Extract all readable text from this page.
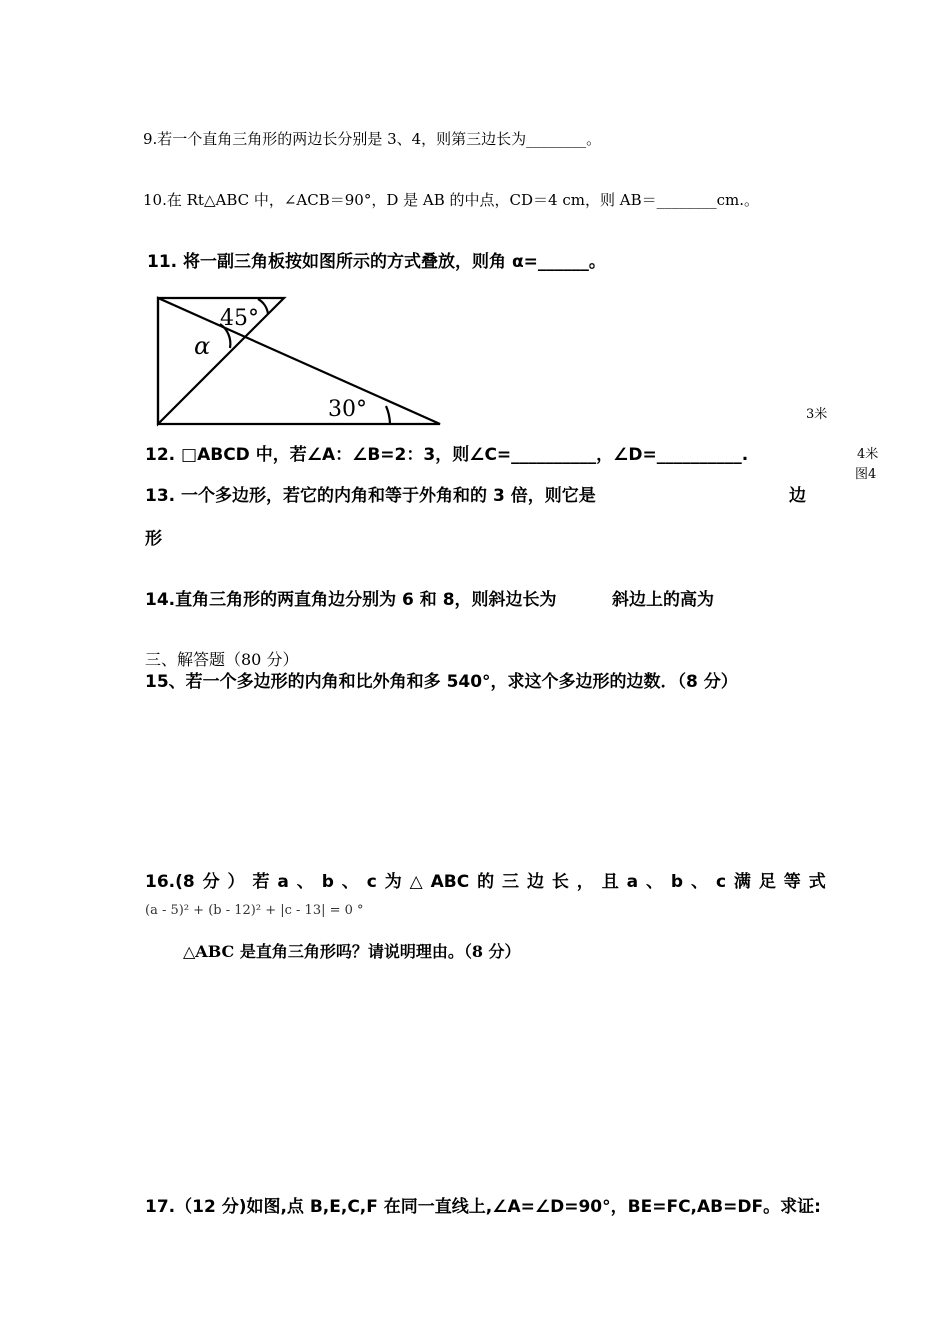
9.若一个直角三角形的两边长分别是 3、4，则第三边长为________。
10.在 Rt△ABC 中，∠ACB＝90°，D 是 AB 的中点，CD＝4 cm，则 AB＝________cm.。
11. 将一副三角板按如图所示的方式叠放，则角 α=______。
45°
α
30°	3米
12. □ABCD 中，若∠A：∠B=2：3，则∠C=__________，∠D=__________.	4米
图4
13. 一个多边形，若它的内角和等于外角和的 3 倍，则它是	边
形
14.直角三角形的两直角边分别为 6 和 8，则斜边长为	斜边上的高为
三、解答题（80 分）
15、若一个多边形的内角和比外角和多 540°，求这个多边形的边数．（8 分）
16.(8 分 ） 若 a 、 b 、 c 为 △ ABC 的 三 边 长 ， 且 a 、 b 、 c 满 足 等 式
(a - 5)² + (b - 12)² + |c - 13| = 0 °
△ABC 是直角三角形吗？请说明理由。（8 分）
17.（12 分)如图,点 B,E,C,F 在同一直线上,∠A=∠D=90°，BE=FC,AB=DF。求证:
